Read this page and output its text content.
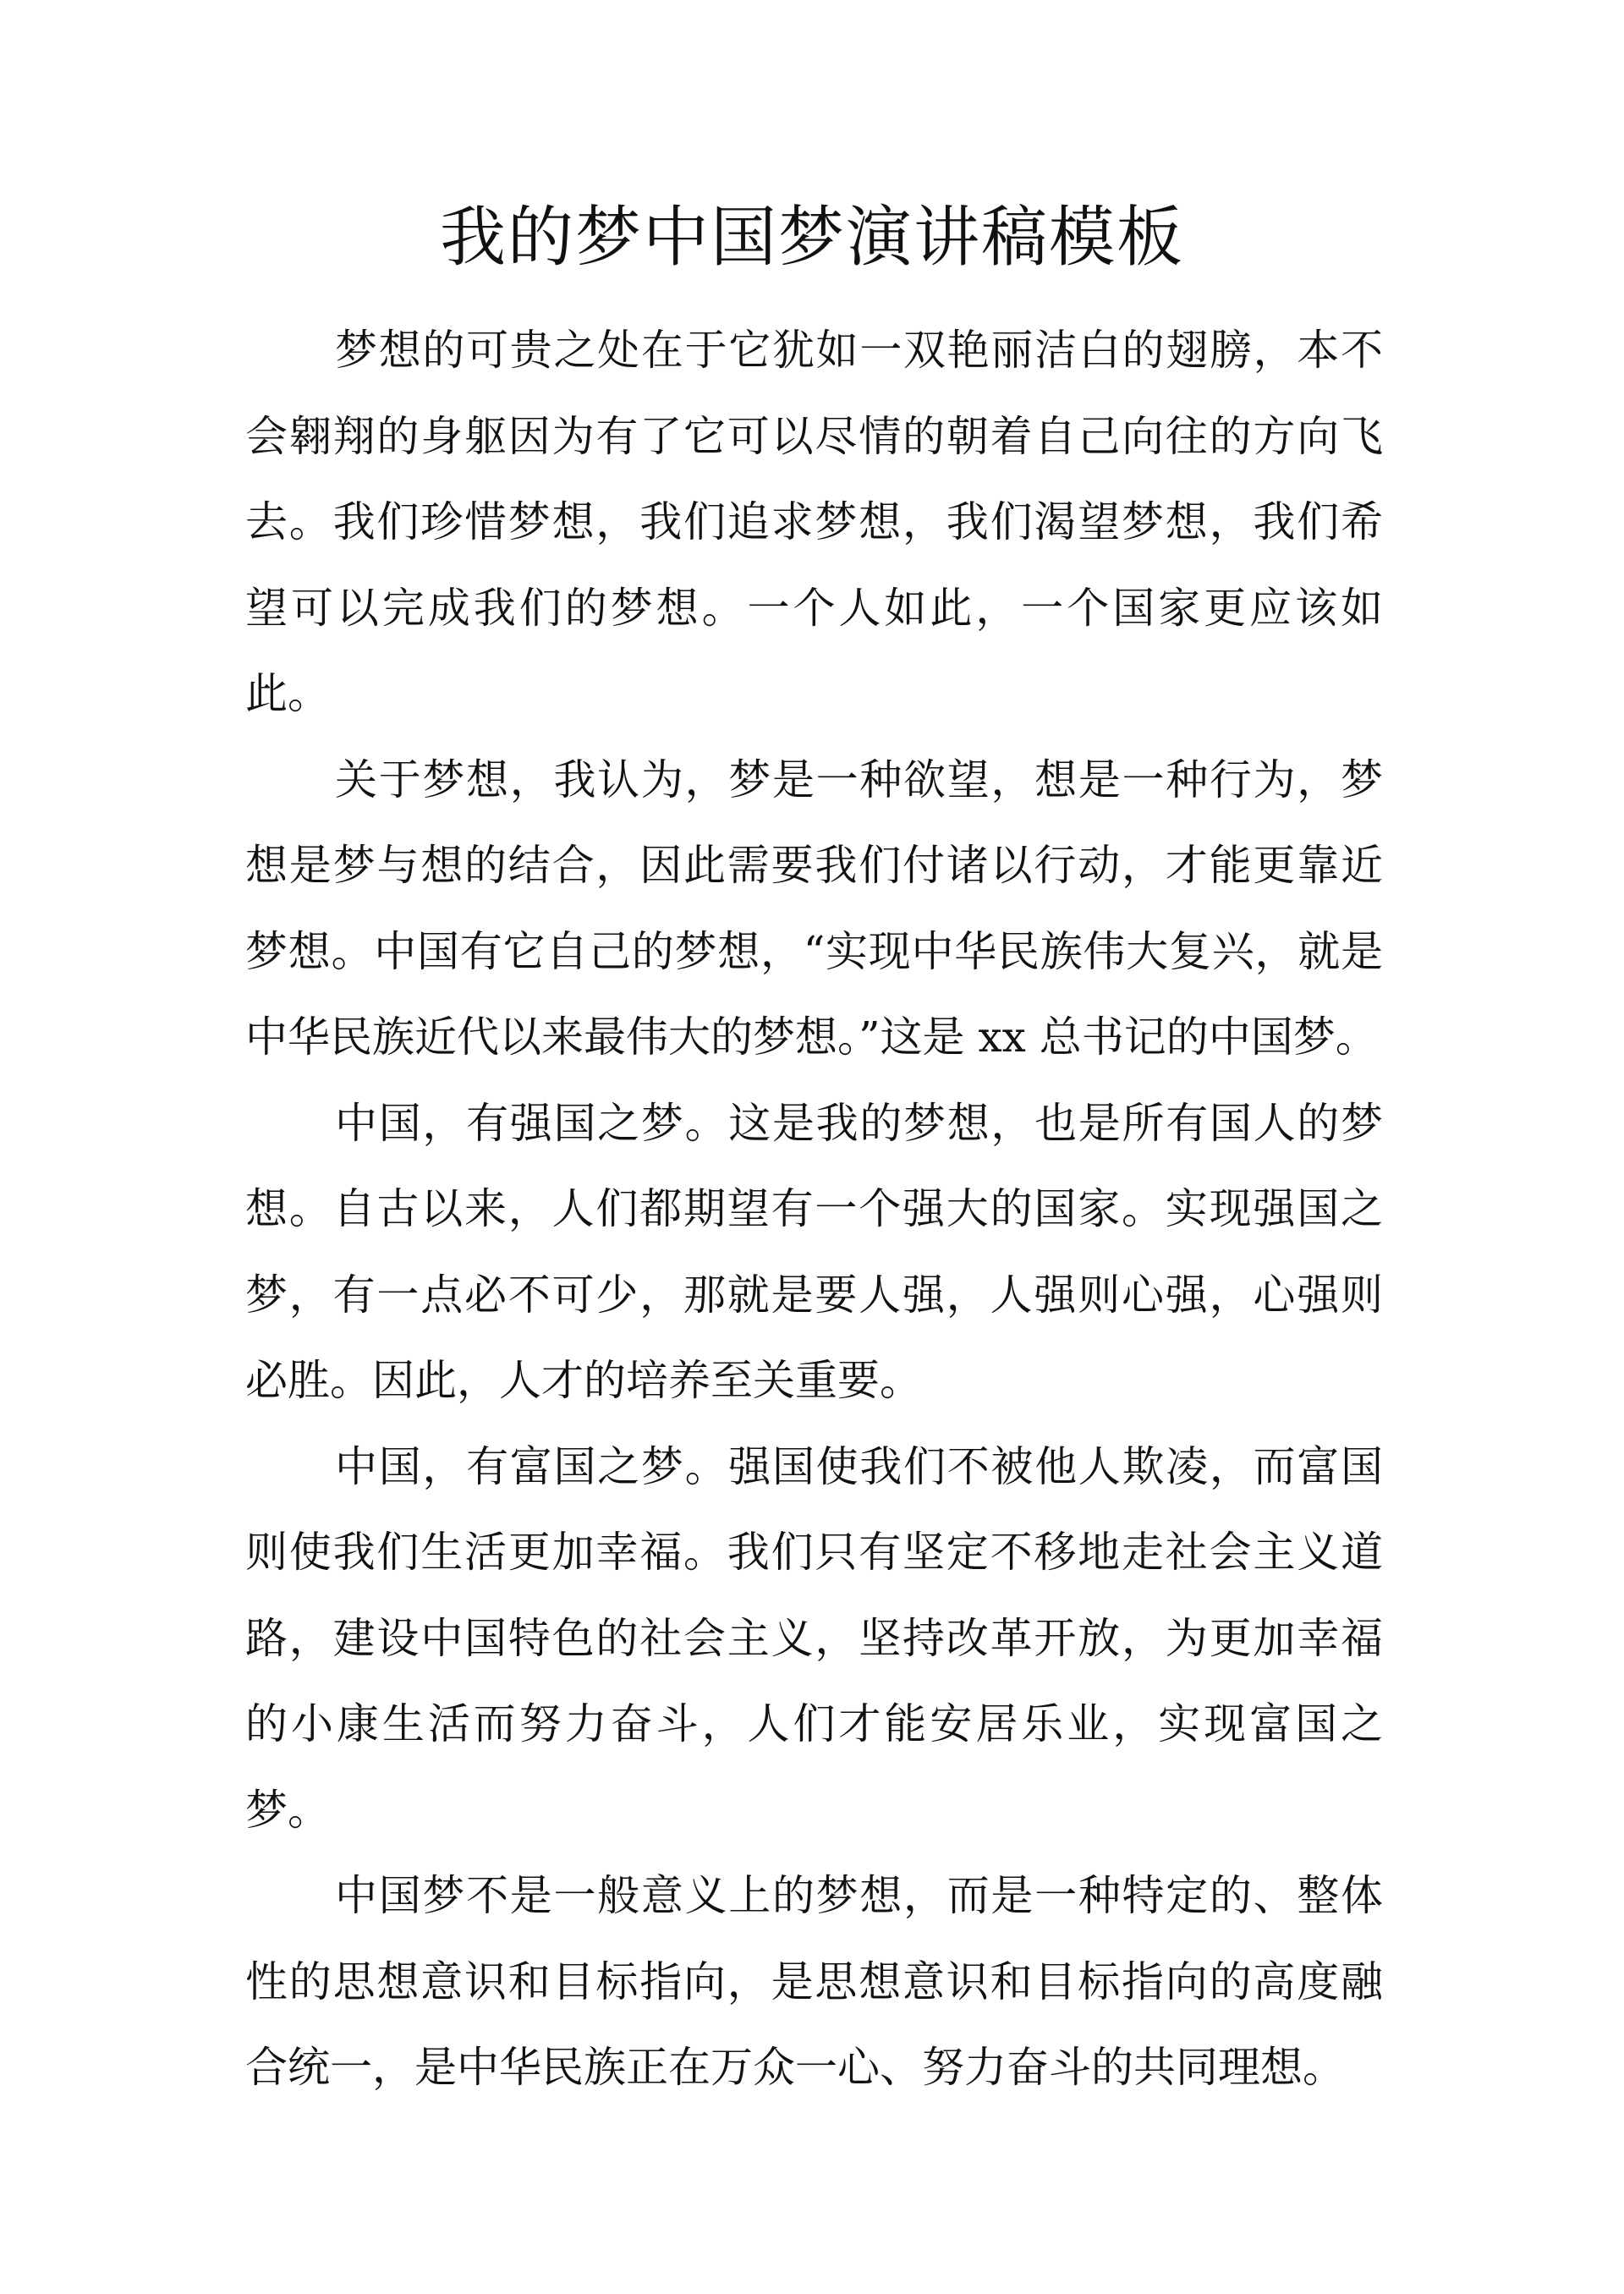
我的梦中国梦演讲稿模板

梦想的可贵之处在于它犹如一双艳丽洁白的翅膀，本不会翱翔的身躯因为有了它可以尽情的朝着自己向往的方向飞去。我们珍惜梦想，我们追求梦想，我们渴望梦想，我们希望可以完成我们的梦想。一个人如此，一个国家更应该如此。

关于梦想，我认为，梦是一种欲望，想是一种行为，梦想是梦与想的结合，因此需要我们付诸以行动，才能更靠近梦想。中国有它自己的梦想，“实现中华民族伟大复兴，就是中华民族近代以来最伟大的梦想。”这是 xx 总书记的中国梦。

中国，有强国之梦。这是我的梦想，也是所有国人的梦想。自古以来，人们都期望有一个强大的国家。实现强国之梦，有一点必不可少，那就是要人强，人强则心强，心强则必胜。因此，人才的培养至关重要。

中国，有富国之梦。强国使我们不被他人欺凌，而富国则使我们生活更加幸福。我们只有坚定不移地走社会主义道路，建设中国特色的社会主义，坚持改革开放，为更加幸福的小康生活而努力奋斗，人们才能安居乐业，实现富国之梦。

中国梦不是一般意义上的梦想，而是一种特定的、整体性的思想意识和目标指向，是思想意识和目标指向的高度融合统一，是中华民族正在万众一心、努力奋斗的共同理想。
